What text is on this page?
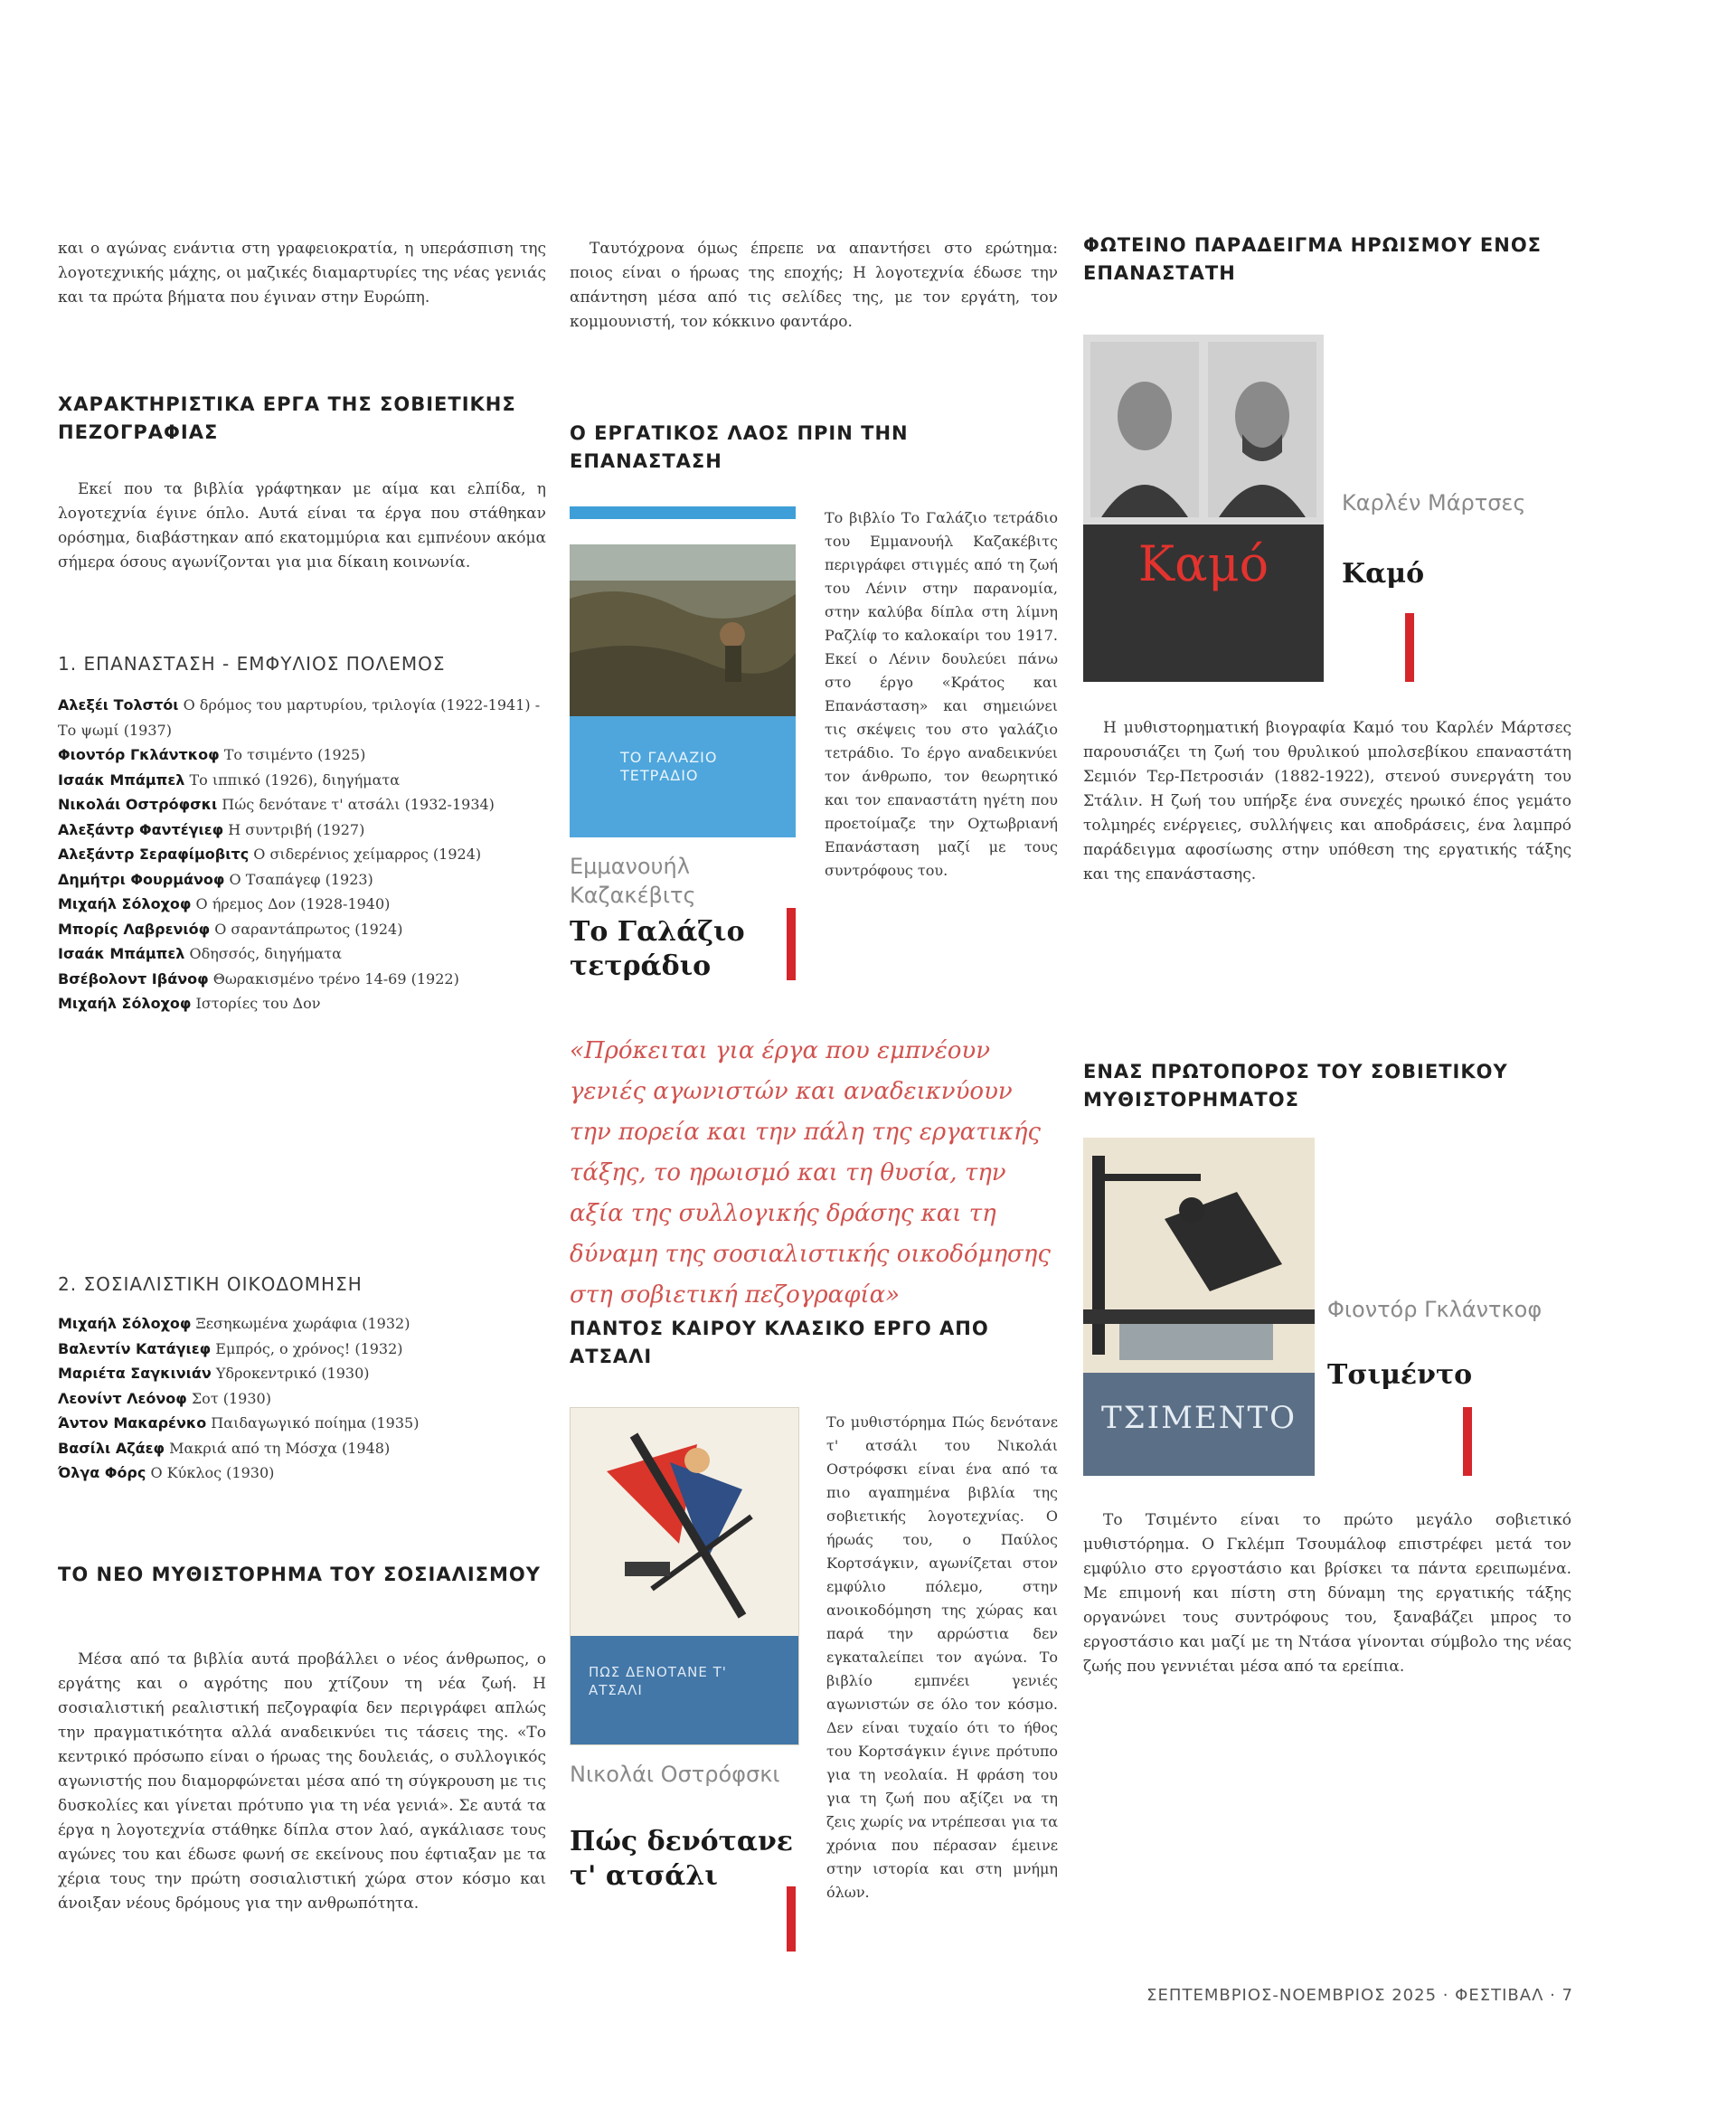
και ο αγώνας ενάντια στη γραφειοκρατία, η υπεράσπιση της λογοτεχνικής μάχης, οι μαζικές διαμαρτυρίες της νέας γενιάς και τα πρώτα βήματα που έγιναν στην Ευρώπη.
ΧΑΡΑΚΤΗΡΙΣΤΙΚΑ ΕΡΓΑ ΤΗΣ ΣΟΒΙΕΤΙΚΗΣ ΠΕΖΟΓΡΑΦΙΑΣ
Εκεί που τα βιβλία γράφτηκαν με αίμα και ελπίδα, η λογοτεχνία έγινε όπλο. Αυτά είναι τα έργα που στάθηκαν ορόσημα, διαβάστηκαν από εκατομμύρια και εμπνέουν ακόμα σήμερα όσους αγωνίζονται για μια δίκαιη κοινωνία.
1. ΕΠΑΝΑΣΤΑΣΗ - ΕΜΦΥΛΙΟΣ ΠΟΛΕΜΟΣ
Αλεξέι Τολστόι Ο δρόμος του μαρτυρίου, τριλογία (1922-1941) - Το ψωμί (1937)
Φιοντόρ Γκλάντκοφ Το τσιμέντο (1925)
Ισαάκ Μπάμπελ Το ιππικό (1926), διηγήματα
Νικολάι Οστρόφσκι Πώς δενότανε τ' ατσάλι (1932-1934)
Αλεξάντρ Φαντέγιεφ Η συντριβή (1927)
Αλεξάντρ Σεραφίμοβιτς Ο σιδερένιος χείμαρρος (1924)
Δημήτρι Φουρμάνοφ Ο Τσαπάγεφ (1923)
Μιχαήλ Σόλοχοφ Ο ήρεμος Δον (1928-1940)
Μπορίς Λαβρενιόφ Ο σαραντάπρωτος (1924)
Ισαάκ Μπάμπελ Οδησσός, διηγήματα
Βσέβολοντ Ιβάνοφ Θωρακισμένο τρένο 14-69 (1922)
Μιχαήλ Σόλοχοφ Ιστορίες του Δον
2. ΣΟΣΙΑΛΙΣΤΙΚΗ ΟΙΚΟΔΟΜΗΣΗ
Μιχαήλ Σόλοχοφ Ξεσηκωμένα χωράφια (1932)
Βαλεντίν Κατάγιεφ Εμπρός, ο χρόνος! (1932)
Μαριέτα Σαγκινιάν Υδροκεντρικό (1930)
Λεονίντ Λεόνοφ Σοτ (1930)
Άντον Μακαρένκο Παιδαγωγικό ποίημα (1935)
Βασίλι Αζάεφ Μακριά από τη Μόσχα (1948)
Όλγα Φόρς Ο Κύκλος (1930)
ΤΟ ΝΕΟ ΜΥΘΙΣΤΟΡΗΜΑ ΤΟΥ ΣΟΣΙΑΛΙΣΜΟΥ
Μέσα από τα βιβλία αυτά προβάλλει ο νέος άνθρωπος, ο εργάτης και ο αγρότης που χτίζουν τη νέα ζωή. Η σοσιαλιστική ρεαλιστική πεζογραφία δεν περιγράφει απλώς την πραγματικότητα αλλά αναδεικνύει τις τάσεις της. «Το κεντρικό πρόσωπο είναι ο ήρωας της δουλειάς, ο συλλογικός αγωνιστής που διαμορφώνεται μέσα από τη σύγκρουση με τις δυσκολίες και γίνεται πρότυπο για τη νέα γενιά». Σε αυτά τα έργα η λογοτεχνία στάθηκε δίπλα στον λαό, αγκάλιασε τους αγώνες του και έδωσε φωνή σε εκείνους που έφτιαξαν με τα χέρια τους την πρώτη σοσιαλιστική χώρα στον κόσμο και άνοιξαν νέους δρόμους για την ανθρωπότητα.
Ταυτόχρονα όμως έπρεπε να απαντήσει στο ερώτημα: ποιος είναι ο ήρωας της εποχής; Η λογοτεχνία έδωσε την απάντηση μέσα από τις σελίδες της, με τον εργάτη, τον κομμουνιστή, τον κόκκινο φαντάρο.
Ο ΕΡΓΑΤΙΚΟΣ ΛΑΟΣ ΠΡΙΝ ΤΗΝ ΕΠΑΝΑΣΤΑΣΗ
ΤΟ ΓΑΛΑΖΙΟ ΤΕΤΡΑΔΙΟ
Εμμανουήλ Καζακέβιτς
Το Γαλάζιο τετράδιο
Το βιβλίο Το Γαλάζιο τετράδιο του Εμμανουήλ Καζακέβιτς περιγράφει στιγμές από τη ζωή του Λένιν στην παρανομία, στην καλύβα δίπλα στη λίμνη Ραζλίφ το καλοκαίρι του 1917. Εκεί ο Λένιν δουλεύει πάνω στο έργο «Κράτος και Επανάσταση» και σημειώνει τις σκέψεις του στο γαλάζιο τετράδιο. Το έργο αναδεικνύει τον άνθρωπο, τον θεωρητικό και τον επαναστάτη ηγέτη που προετοίμαζε την Οχτωβριανή Επανάσταση μαζί με τους συντρόφους του.
«Πρόκειται για έργα που εμπνέουν γενιές αγωνιστών και αναδεικνύουν την πορεία και την πάλη της εργατικής τάξης, το ηρωισμό και τη θυσία, την αξία της συλλογικής δράσης και τη δύναμη της σοσιαλιστικής οικοδόμησης στη σοβιετική πεζογραφία»
ΠΑΝΤΟΣ ΚΑΙΡΟΥ ΚΛΑΣΙΚΟ ΕΡΓΟ ΑΠΟ ΑΤΣΑΛΙ
ΠΩΣ ΔΕΝΟΤΑΝΕ Τ' ΑΤΣΑΛΙ
Νικολάι Οστρόφσκι
Πώς δενότανε τ' ατσάλι
Το μυθιστόρημα Πώς δενότανε τ' ατσάλι του Νικολάι Οστρόφσκι είναι ένα από τα πιο αγαπημένα βιβλία της σοβιετικής λογοτεχνίας. Ο ήρωάς του, ο Παύλος Κορτσάγκιν, αγωνίζεται στον εμφύλιο πόλεμο, στην ανοικοδόμηση της χώρας και παρά την αρρώστια δεν εγκαταλείπει τον αγώνα. Το βιβλίο εμπνέει γενιές αγωνιστών σε όλο τον κόσμο. Δεν είναι τυχαίο ότι το ήθος του Κορτσάγκιν έγινε πρότυπο για τη νεολαία. Η φράση του για τη ζωή που αξίζει να τη ζεις χωρίς να ντρέπεσαι για τα χρόνια που πέρασαν έμεινε στην ιστορία και στη μνήμη όλων.
ΦΩΤΕΙΝΟ ΠΑΡΑΔΕΙΓΜΑ ΗΡΩΙΣΜΟΥ ΕΝΟΣ ΕΠΑΝΑΣΤΑΤΗ
Καμό
Καρλέν Μάρτσες
Καμό
Η μυθιστορηματική βιογραφία Καμό του Καρλέν Μάρτσες παρουσιάζει τη ζωή του θρυλικού μπολσεβίκου επαναστάτη Σεμιόν Τερ-Πετροσιάν (1882-1922), στενού συνεργάτη του Στάλιν. Η ζωή του υπήρξε ένα συνεχές ηρωικό έπος γεμάτο τολμηρές ενέργειες, συλλήψεις και αποδράσεις, ένα λαμπρό παράδειγμα αφοσίωσης στην υπόθεση της εργατικής τάξης και της επανάστασης.
ΕΝΑΣ ΠΡΩΤΟΠΟΡΟΣ ΤΟΥ ΣΟΒΙΕΤΙΚΟΥ ΜΥΘΙΣΤΟΡΗΜΑΤΟΣ
ΤΣΙΜΕΝΤΟ
Φιοντόρ Γκλάντκοφ
Τσιμέντο
Το Τσιμέντο είναι το πρώτο μεγάλο σοβιετικό μυθιστόρημα. Ο Γκλέμπ Τσουμάλοφ επιστρέφει μετά τον εμφύλιο στο εργοστάσιο και βρίσκει τα πάντα ερειπωμένα. Με επιμονή και πίστη στη δύναμη της εργατικής τάξης οργανώνει τους συντρόφους του, ξαναβάζει μπρος το εργοστάσιο και μαζί με τη Ντάσα γίνονται σύμβολο της νέας ζωής που γεννιέται μέσα από τα ερείπια.
ΣΕΠΤΕΜΒΡΙΟΣ-ΝΟΕΜΒΡΙΟΣ 2025 · ΦΕΣΤΙΒΑΛ · 7
